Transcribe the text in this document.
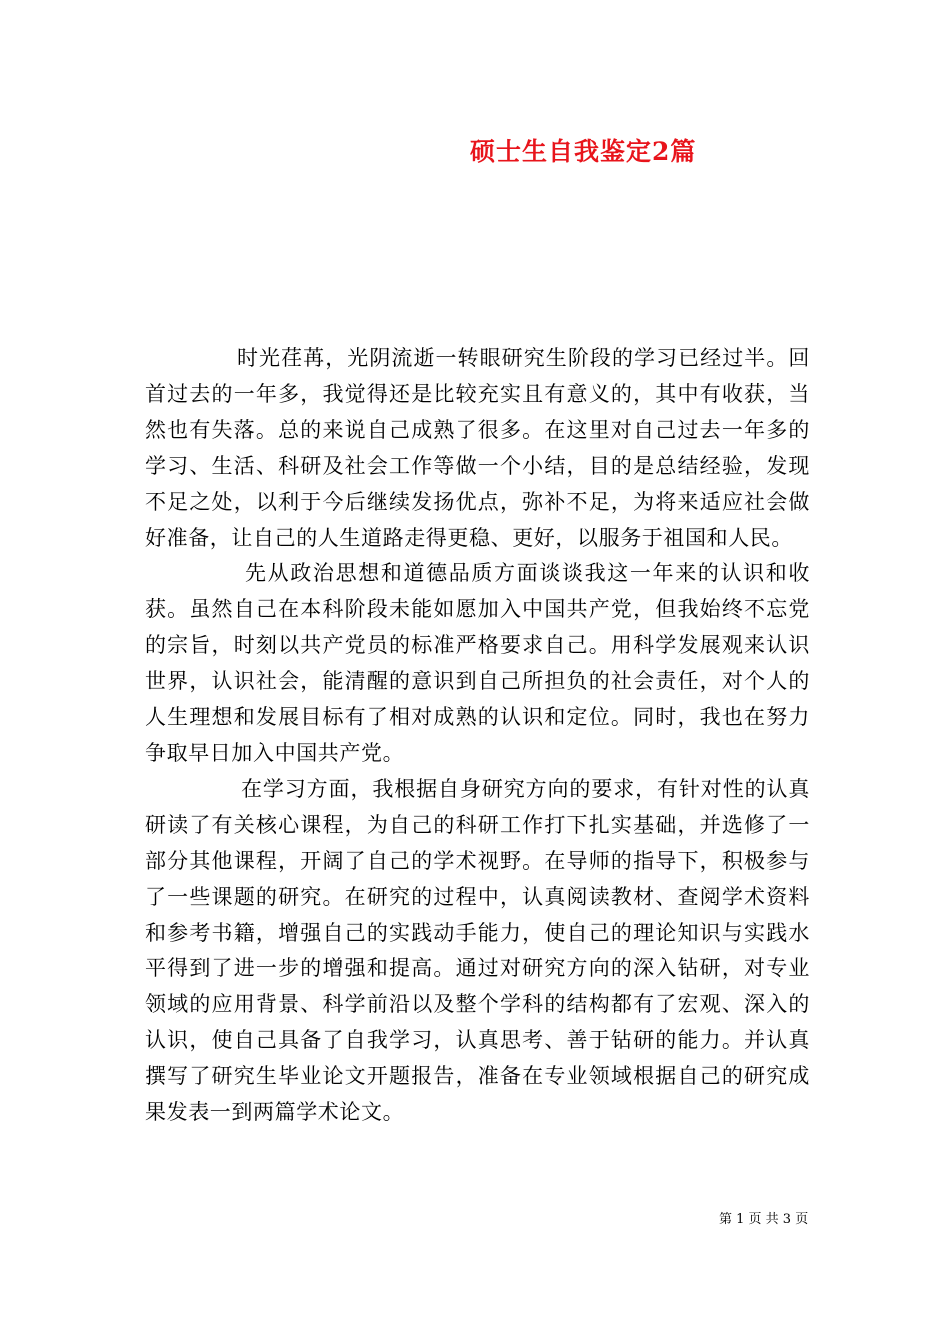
硕士生自我鉴定2篇

时光荏苒，光阴流逝一转眼研究生阶段的学习已经过半。回首过去的一年多，我觉得还是比较充实且有意义的，其中有收获，当然也有失落。总的来说自己成熟了很多。在这里对自己过去一年多的学习、生活、科研及社会工作等做一个小结，目的是总结经验，发现不足之处，以利于今后继续发扬优点，弥补不足，为将来适应社会做好准备，让自己的人生道路走得更稳、更好，以服务于祖国和人民。

先从政治思想和道德品质方面谈谈我这一年来的认识和收获。虽然自己在本科阶段未能如愿加入中国共产党，但我始终不忘党的宗旨，时刻以共产党员的标准严格要求自己。用科学发展观来认识世界，认识社会，能清醒的意识到自己所担负的社会责任，对个人的人生理想和发展目标有了相对成熟的认识和定位。同时，我也在努力争取早日加入中国共产党。

在学习方面，我根据自身研究方向的要求，有针对性的认真研读了有关核心课程，为自己的科研工作打下扎实基础，并选修了一部分其他课程，开阔了自己的学术视野。在导师的指导下，积极参与了一些课题的研究。在研究的过程中，认真阅读教材、查阅学术资料和参考书籍，增强自己的实践动手能力，使自己的理论知识与实践水平得到了进一步的增强和提高。通过对研究方向的深入钻研，对专业领域的应用背景、科学前沿以及整个学科的结构都有了宏观、深入的认识，使自己具备了自我学习，认真思考、善于钻研的能力。并认真撰写了研究生毕业论文开题报告，准备在专业领域根据自己的研究成果发表一到两篇学术论文。

第 1 页 共 3 页
